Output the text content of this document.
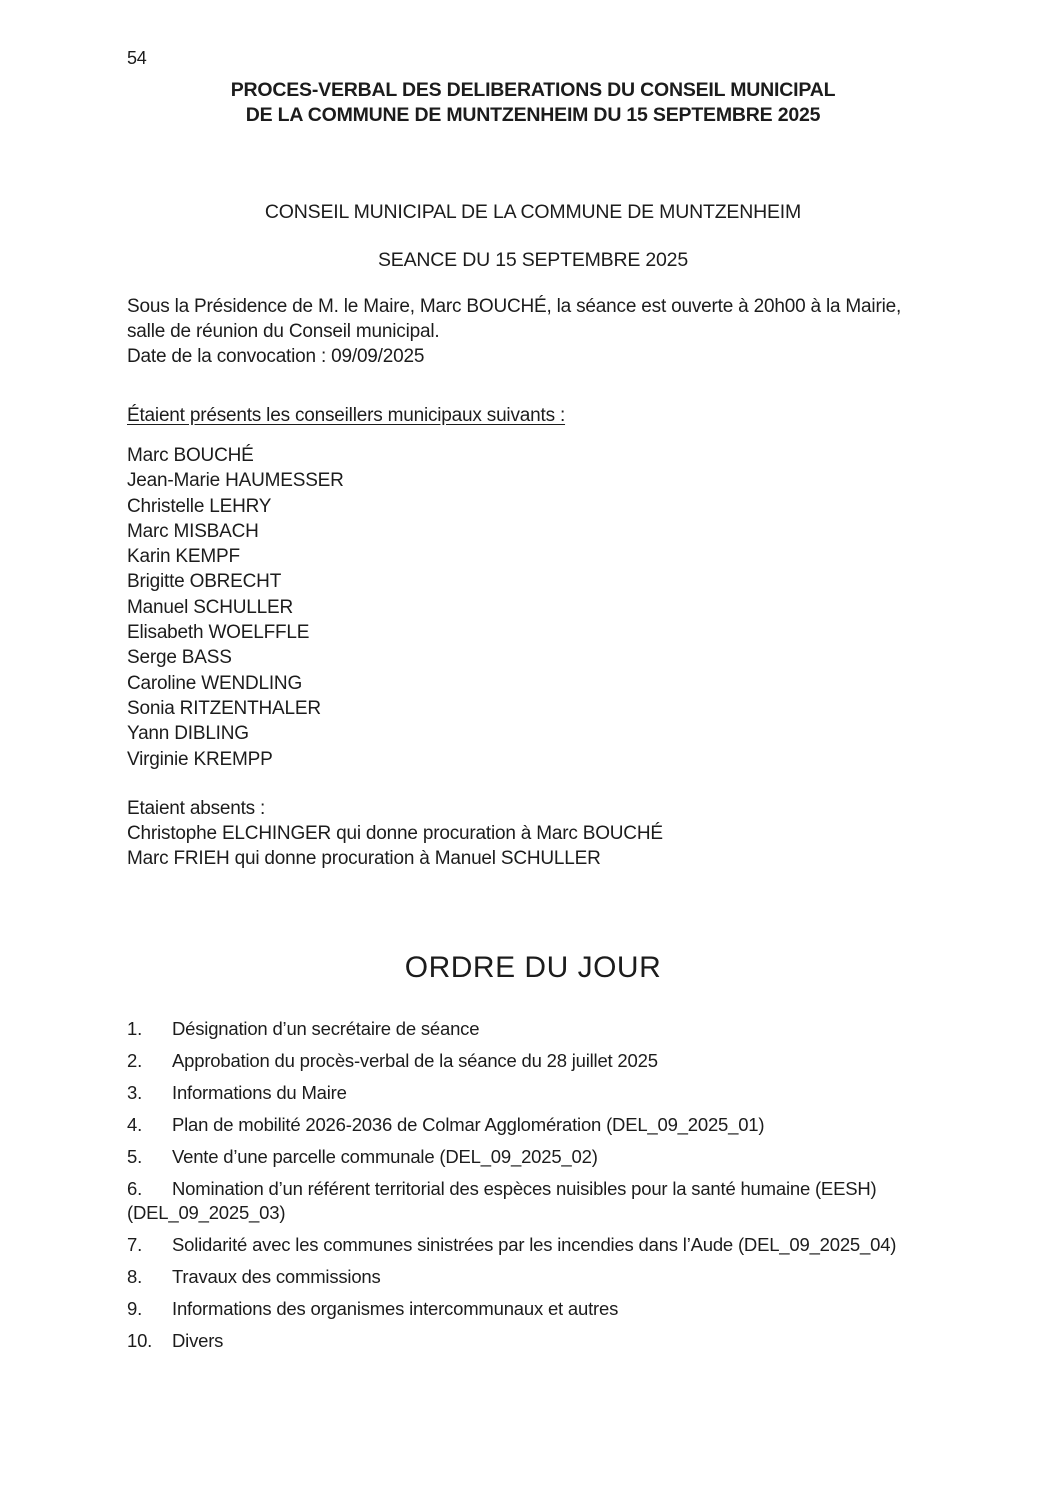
54
PROCES-VERBAL DES DELIBERATIONS DU CONSEIL MUNICIPAL
DE LA COMMUNE DE MUNTZENHEIM DU 15 SEPTEMBRE 2025
CONSEIL MUNICIPAL DE LA COMMUNE DE MUNTZENHEIM
SEANCE DU 15 SEPTEMBRE 2025

Sous la Présidence de M. le Maire, Marc BOUCHÉ, la séance est ouverte à 20h00 à la Mairie,
salle de réunion du Conseil municipal.
Date de la convocation : 09/09/2025

Étaient présents les conseillers municipaux suivants :
Marc BOUCHÉ
Jean-Marie HAUMESSER
Christelle LEHRY
Marc MISBACH
Karin KEMPF
Brigitte OBRECHT
Manuel SCHULLER
Elisabeth WOELFFLE
Serge BASS
Caroline WENDLING
Sonia RITZENTHALER
Yann DIBLING
Virginie KREMPP
Etaient absents :
Christophe ELCHINGER qui donne procuration à Marc BOUCHÉ
Marc FRIEH qui donne procuration à Manuel SCHULLER
ORDRE DU JOUR
1. Désignation d’un secrétaire de séance
2. Approbation du procès-verbal de la séance du 28 juillet 2025
3. Informations du Maire
4. Plan de mobilité 2026-2036 de Colmar Agglomération (DEL_09_2025_01)
5. Vente d’une parcelle communale (DEL_09_2025_02)
6. Nomination d’un référent territorial des espèces nuisibles pour la santé humaine (EESH)
(DEL_09_2025_03)
7. Solidarité avec les communes sinistrées par les incendies dans l’Aude (DEL_09_2025_04)
8. Travaux des commissions
9. Informations des organismes intercommunaux et autres
10. Divers
